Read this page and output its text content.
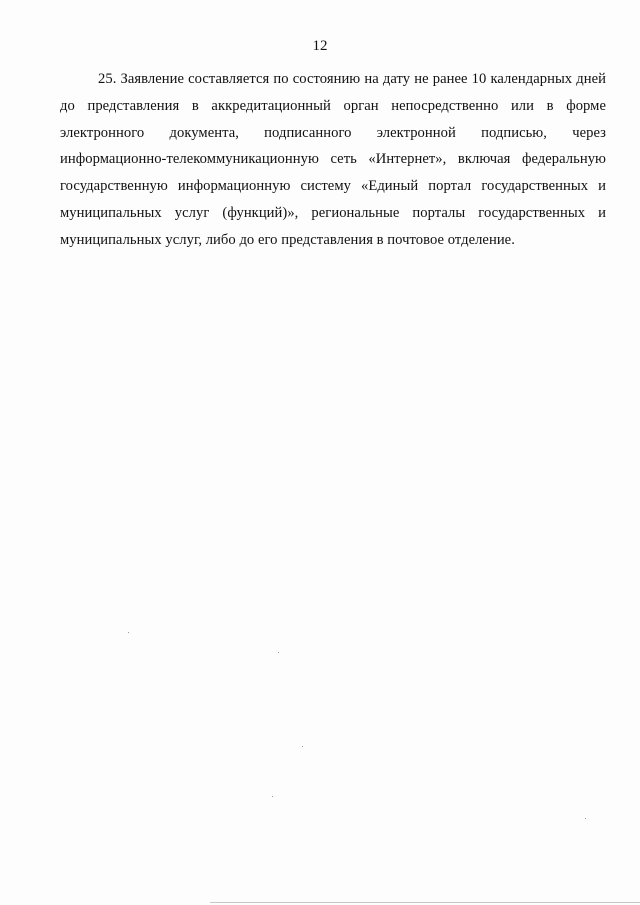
12

25. Заявление составляется по состоянию на дату не ранее 10 календарных дней до представления в аккредитационный орган непосредственно или в форме электронного документа, подписанного электронной подписью, через информационно-телекоммуникационную сеть «Интернет», включая федеральную государственную информационную систему «Единый портал государственных и муниципальных услуг (функций)», региональные порталы государственных и муниципальных услуг, либо до его представления в почтовое отделение.
